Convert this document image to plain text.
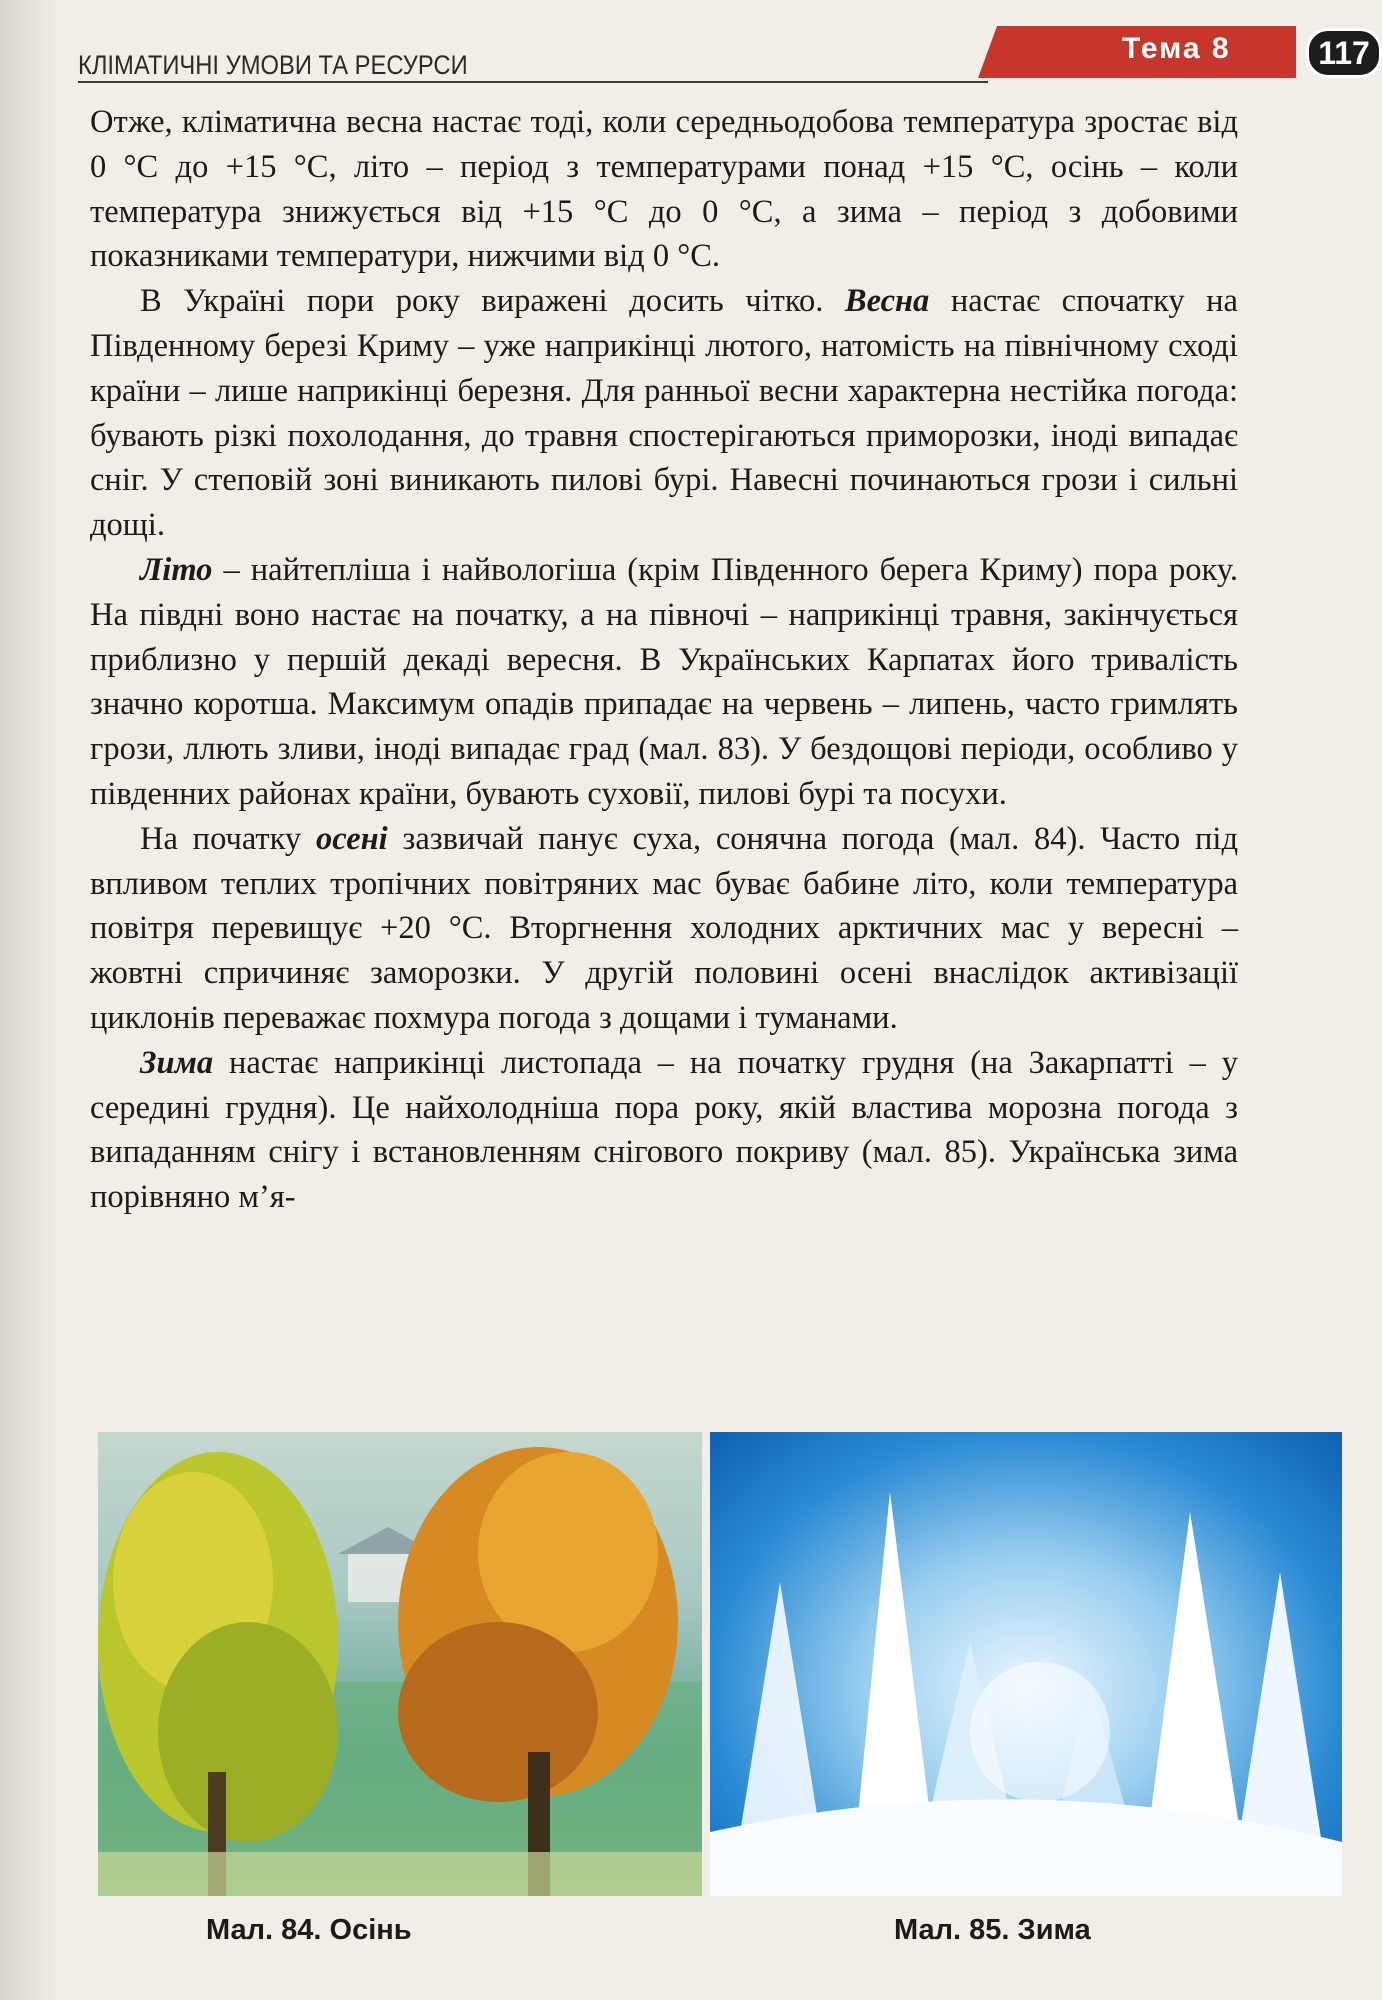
КЛІМАТИЧНІ УМОВИ ТА РЕСУРСИ	Тема 8	117

Отже, кліматична весна настає тоді, коли середньодобова температура зростає від 0 °С до +15 °С, літо – період з температурами понад +15 °С, осінь – коли температура знижується від +15 °С до 0 °С, а зима – період з добовими показниками температури, нижчими від 0 °С.

В Україні пори року виражені досить чітко. Весна настає спочатку на Південному березі Криму – уже наприкінці лютого, натомість на північному сході країни – лише наприкінці березня. Для ранньої весни характерна нестійка погода: бувають різкі похолодання, до травня спостерігаються приморозки, іноді випадає сніг. У степовій зоні виникають пилові бурі. Навесні починаються грози і сильні дощі.

Літо – найтепліша і найвологіша (крім Південного берега Криму) пора року. На півдні воно настає на початку, а на півночі – наприкінці травня, закінчується приблизно у першій декаді вересня. В Українських Карпатах його тривалість значно коротша. Максимум опадів припадає на червень – липень, часто гримлять грози, ллють зливи, іноді випадає град (мал. 83). У бездощові періоди, особливо у південних районах країни, бувають суховії, пилові бурі та посухи.

На початку осені зазвичай панує суха, сонячна погода (мал. 84). Часто під впливом теплих тропічних повітряних мас буває бабине літо, коли температура повітря перевищує +20 °С. Вторгнення холодних арктичних мас у вересні – жовтні спричиняє заморозки. У другій половині осені внаслідок активізації циклонів переважає похмура погода з дощами і туманами.

Зима настає наприкінці листопада – на початку грудня (на Закарпатті – у середині грудня). Це найхолодніша пора року, якій властива морозна погода з випаданням снігу і встановленням снігового покриву (мал. 85). Українська зима порівняно м’я-

Мал. 84. Осінь	Мал. 85. Зима
